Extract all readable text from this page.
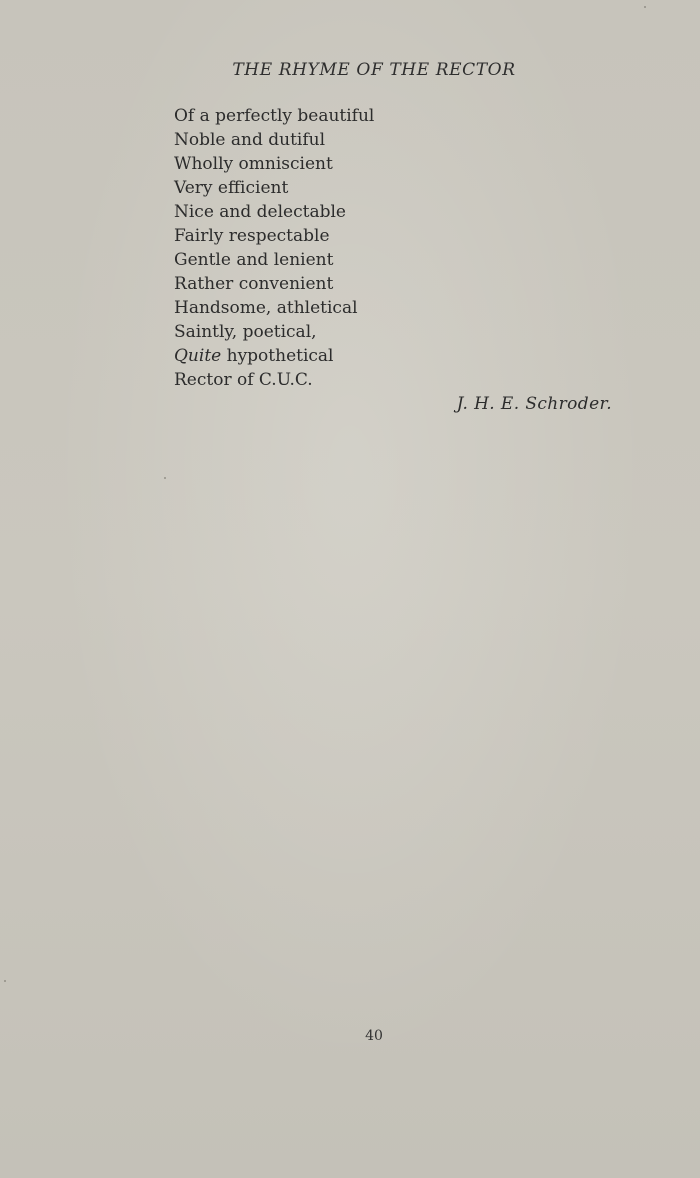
THE RHYME OF THE RECTOR
Of a perfectly beautiful
Noble and dutiful
Wholly omniscient
Very efficient
Nice and delectable
Fairly respectable
Gentle and lenient
Rather convenient
Handsome, athletical
Saintly, poetical,
Quite hypothetical
Rector of C.U.C.
J. H. E. Schroder.
40
